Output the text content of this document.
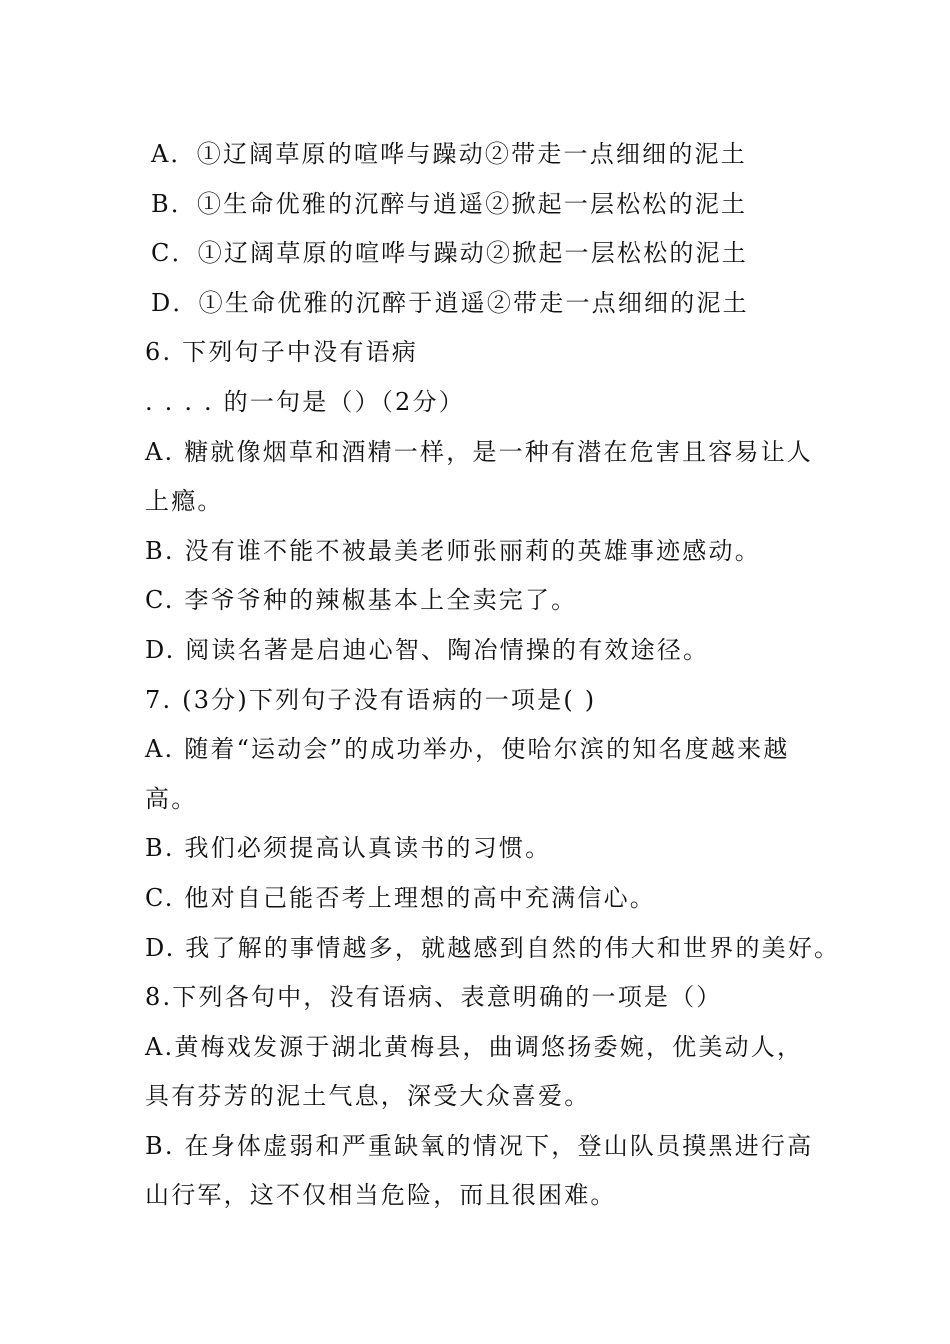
A．①辽阔草原的喧哗与躁动②带走一点细细的泥土
B．①生命优雅的沉醉与逍遥②掀起一层松松的泥土
C．①辽阔草原的喧哗与躁动②掀起一层松松的泥土
D．①生命优雅的沉醉于逍遥②带走一点细细的泥土
6. 下列句子中没有语病
. . . . 的一句是（）（2分）
A. 糖就像烟草和酒精一样，是一种有潜在危害且容易让人
上瘾。
B. 没有谁不能不被最美老师张丽莉的英雄事迹感动。
C. 李爷爷种的辣椒基本上全卖完了。
D. 阅读名著是启迪心智、陶冶情操的有效途径。
7. (3分)下列句子没有语病的一项是( )
A. 随着“运动会”的成功举办，使哈尔滨的知名度越来越
高。
B. 我们必须提高认真读书的习惯。
C. 他对自己能否考上理想的高中充满信心。
D. 我了解的事情越多，就越感到自然的伟大和世界的美好。
8.下列各句中，没有语病、表意明确的一项是（）
A.黄梅戏发源于湖北黄梅县，曲调悠扬委婉，优美动人，
具有芬芳的泥土气息，深受大众喜爱。
B. 在身体虚弱和严重缺氧的情况下，登山队员摸黑进行高
山行军，这不仅相当危险，而且很困难。
